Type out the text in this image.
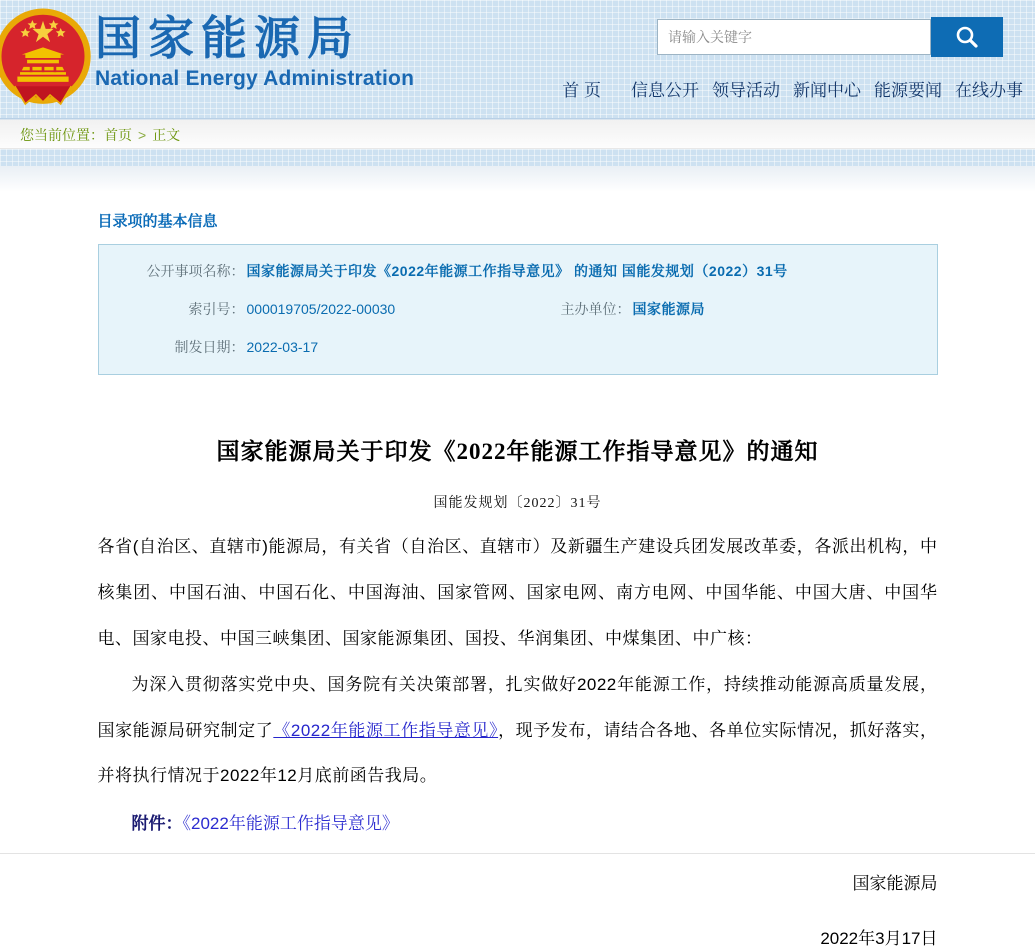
国家能源局
National Energy Administration
请输入关键字
首 页 信息公开 领导活动 新闻中心 能源要闻 在线办事
您当前位置：首页 > 正文
目录项的基本信息
公开事项名称： 国家能源局关于印发《2022年能源工作指导意见》 的通知 国能发规划（2022）31号
索引号： 000019705/2022-00030	主办单位： 国家能源局
制发日期： 2022-03-17
国家能源局关于印发《2022年能源工作指导意见》的通知
国能发规划〔2022〕31号

各省(自治区、直辖市)能源局，有关省（自治区、直辖市）及新疆生产建设兵团发展改革委，各派出机构，中核集团、中国石油、中国石化、中国海油、国家管网、国家电网、南方电网、中国华能、中国大唐、中国华电、国家电投、中国三峡集团、国家能源集团、国投、华润集团、中煤集团、中广核：

为深入贯彻落实党中央、国务院有关决策部署，扎实做好2022年能源工作，持续推动能源高质量发展，国家能源局研究制定了《2022年能源工作指导意见》，现予发布，请结合各地、各单位实际情况，抓好落实，并将执行情况于2022年12月底前函告我局。

附件：《2022年能源工作指导意见》

国家能源局
2022年3月17日
